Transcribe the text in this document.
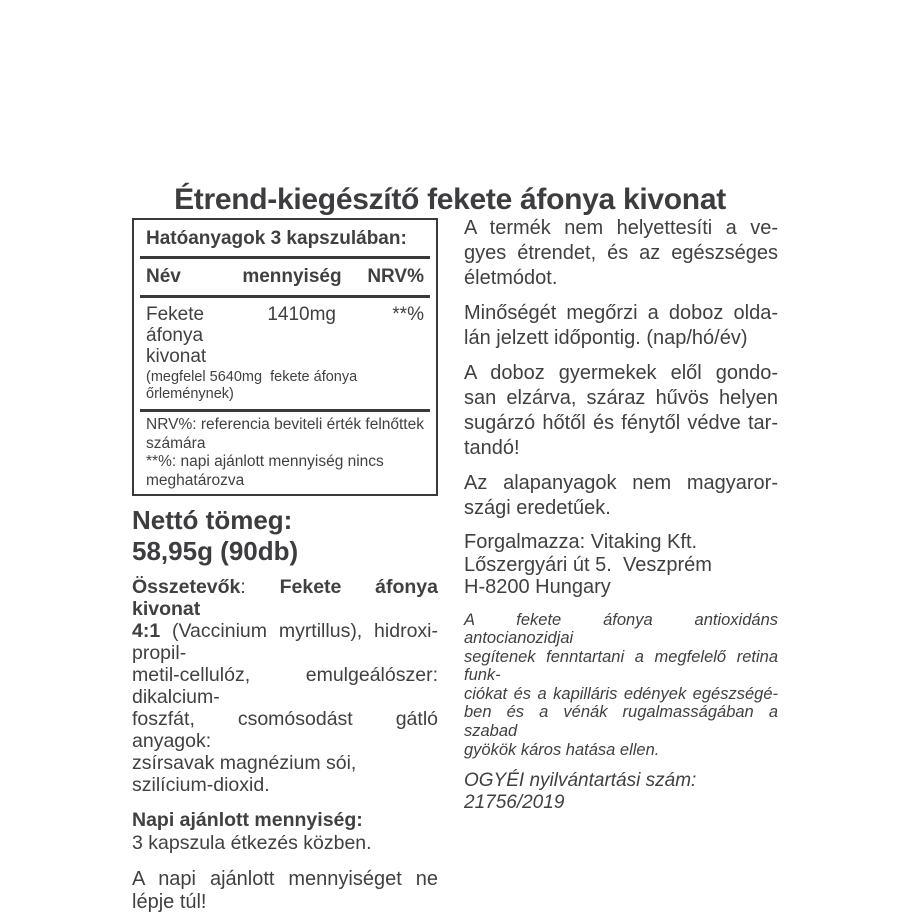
Étrend-kiegészítő fekete áfonya kivonat
Hatóanyagok 3 kapszulában:
Név	mennyiség	NRV%
Fekete áfonya
kivonat
1410mg	**%
(megfelel 5640mg  fekete áfonya őrleménynek)
NRV%: referencia beviteli érték felnőttek számára
**%: napi ajánlott mennyiség nincs meghatározva
Nettó tömeg:
58,95g (90db)
Összetevők: Fekete áfonya kivonat
4:1 (Vaccinium myrtillus), hidroxi-propil-
metil-cellulóz, emulgeálószer: dikalcium-
foszfát, csomósodást gátló anyagok:
zsírsavak magnézium sói, szilícium-dioxid.
Napi ajánlott mennyiség:
3 kapszula étkezés közben.
A napi ajánlott mennyiséget ne
lépje túl!
A termék nem helyettesíti a ve-
gyes étrendet, és az egészséges
életmódot.
Minőségét megőrzi a doboz olda-
lán jelzett időpontig. (nap/hó/év)
A doboz gyermekek elől gondo-
san elzárva, száraz hűvös helyen
sugárzó hőtől és fénytől védve tar-
tandó!
Az alapanyagok nem magyaror-
szági eredetűek.
Forgalmazza: Vitaking Kft.
Lőszergyári út 5.  Veszprém
H-8200 Hungary
A fekete áfonya antioxidáns antocianozidjai
segítenek fenntartani a megfelelő retina funk-
ciókat és a kapilláris edények egészségé-
ben és a vénák rugalmasságában a szabad
gyökök káros hatása ellen.
OGYÉI nyilvántartási szám: 21756/2019
